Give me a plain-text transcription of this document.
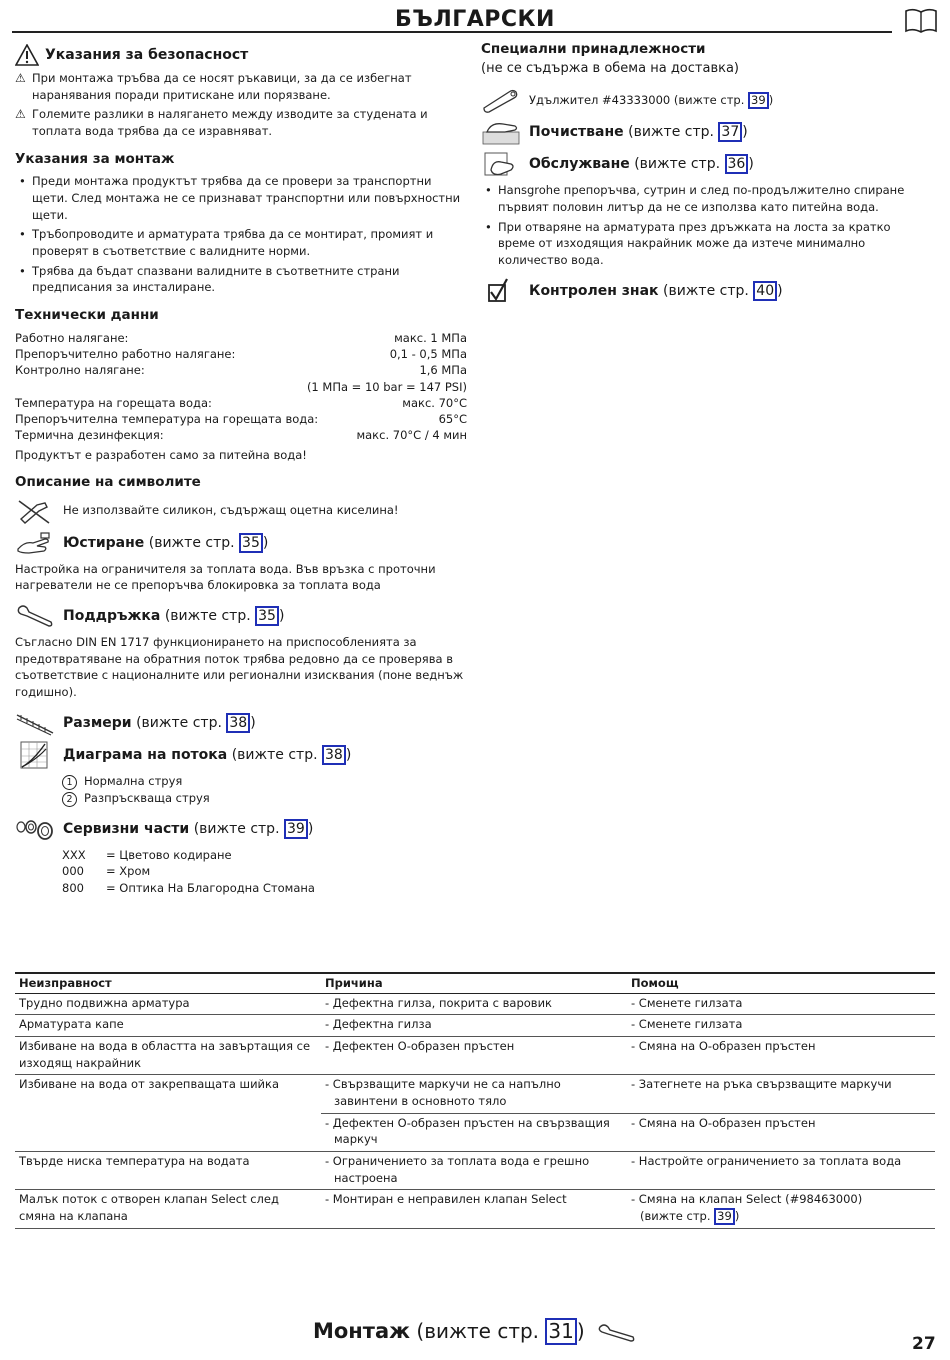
БЪЛГАРСКИ
Указания за безопасност
⚠ При монтажа тръбва да се носят ръкавици, за да се избегнат наранявания поради притискане или порязване.
⚠ Големите разлики в налягането между изводите за студената и топлата вода трябва да се изравняват.
Указания за монтаж
• Преди монтажа продуктът трябва да се провери за транспортни щети. След монтажа не се признават транспортни или повърхностни щети.
• Тръбопроводите и арматурата трябва да се монтират, промият и проверят в съответствие с валидните норми.
• Трябва да бъдат спазвани валидните в съответните страни предписания за инсталиране.
Технически данни
Работно налягане:	макс. 1 МПа
Препоръчително работно налягане:	0,1 - 0,5 МПа
Контролно налягане:	1,6 МПа
(1 МПа = 10 bar = 147 PSI)
Температура на горещата вода:	макс. 70°C
Препоръчителна температура на горещата вода:	65°C
Термична дезинфекция:	макс. 70°C / 4 мин

Продуктът е разработен само за питейна вода!

Описание на символите
Не използвайте силикон, съдържащ оцетна киселина!
Юстиране (вижте стр. 35 )

Настройка на ограничителя за топлата вода. Във връзка с проточни нагреватели не се препоръчва блокировка за топлата вода

Поддръжка (вижте стр. 35 )

Съгласно DIN EN 1717 функционирането на приспособленията за предотвратяване на обратния поток трябва редовно да се проверява в съответствие с националните или регионални изисквания (поне веднъж годишно).

Размери (вижте стр. 38 )
Диаграма на потока (вижте стр. 38 )
1 Нормална струя
2 Разпръскваща струя
Сервизни части (вижте стр. 39 )
XXX	= Цветово кодиране
000	= Хром
800	= Оптика На Благородна Стомана
Специални принадлежности
(не се съдържа в обема на доставка)
Удължител #43333000 (вижте стр. 39 )
Почистване (вижте стр. 37 )
Обслужване (вижте стр. 36 )
• Hansgrohe препоръчва, сутрин и след по-продължително спиране първият половин литър да не се използва като питейна вода.
• При отваряне на арматурата през дръжката на лоста за кратко време от изходящия накрайник може да изтече минимално количество вода.
Контролен знак (вижте стр. 40 )
Неизправност	Причина	Помощ
Трудно подвижна арматура	- Дефектна гилза, покрита с варовик	- Сменете гилзата

Арматурата капе	- Дефектна гилза	- Сменете гилзата

Избиване на вода в областта на завъртащия се изходящ накрайник	- Дефектен О-образен пръстен	- Смяна на О-образен пръстен

Избиване на вода от закрепващата шийка	- Свързващите маркучи не са напълно завинтени в основното тяло	- Затегнете на ръка свързващите маркучи

	- Дефектен О-образен пръстен на свързващия маркуч	- Смяна на О-образен пръстен

Твърде ниска температура на водата	- Ограничението за топлата вода е грешно настроена	- Настройте ограничението за топлата вода

Малък поток с отворен клапан Select след смяна на клапана	- Монтиран е неправилен клапан Select	- Смяна на клапан Select (#98463000)
(вижте стр. 39 )
Монтаж (вижте стр. 31 )
27
